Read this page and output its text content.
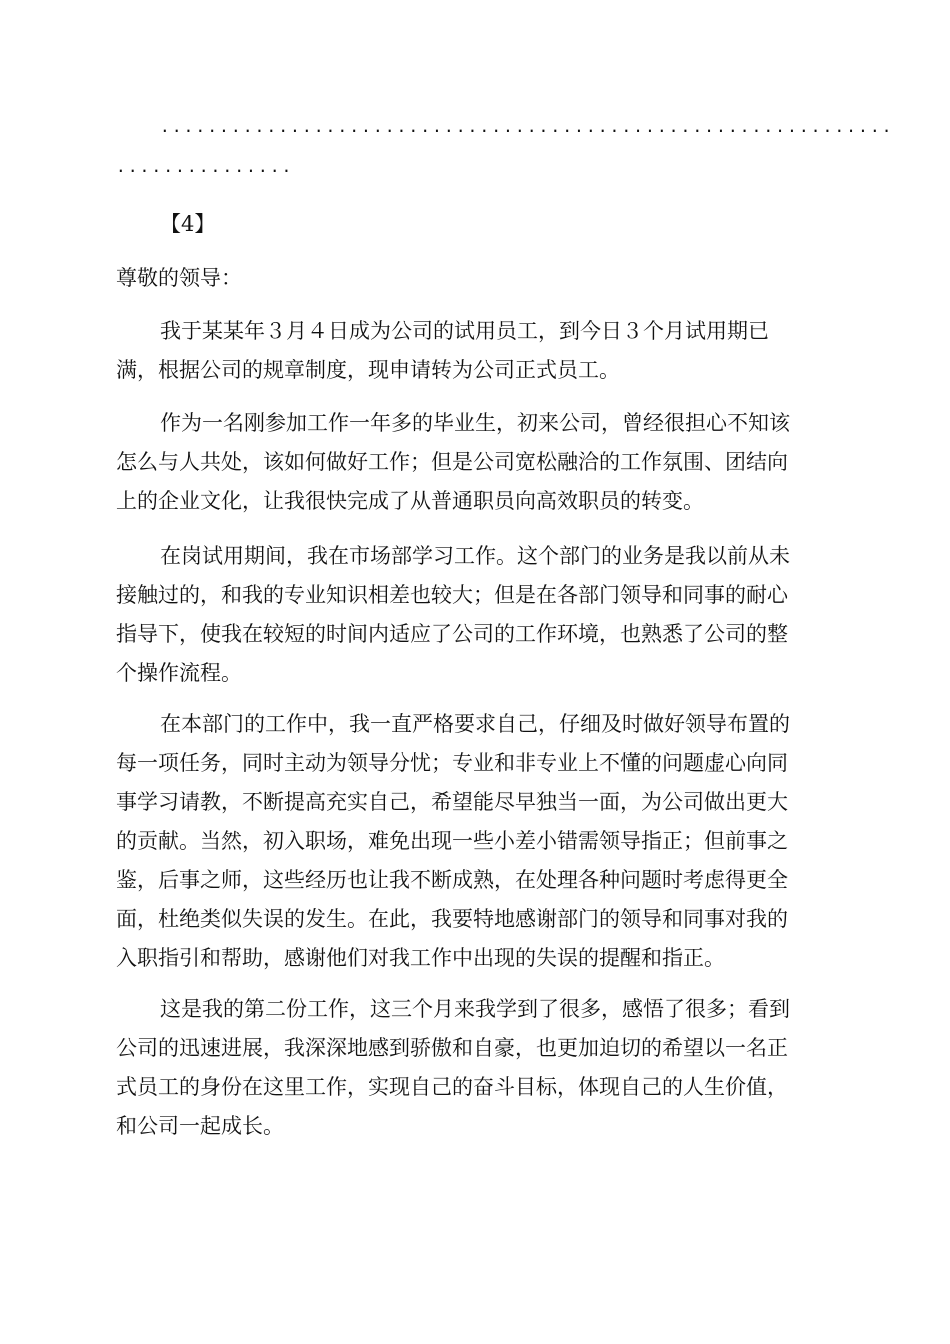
..............................................................
...............
【4】
尊敬的领导：
我于某某年３月４日成为公司的试用员工，到今日３个月试用期已
满，根据公司的规章制度，现申请转为公司正式员工。
作为一名刚参加工作一年多的毕业生，初来公司，曾经很担心不知该
怎么与人共处，该如何做好工作；但是公司宽松融洽的工作氛围、团结向
上的企业文化，让我很快完成了从普通职员向高效职员的转变。
在岗试用期间，我在市场部学习工作。这个部门的业务是我以前从未
接触过的，和我的专业知识相差也较大；但是在各部门领导和同事的耐心
指导下，使我在较短的时间内适应了公司的工作环境，也熟悉了公司的整
个操作流程。
在本部门的工作中，我一直严格要求自己，仔细及时做好领导布置的
每一项任务，同时主动为领导分忧；专业和非专业上不懂的问题虚心向同
事学习请教，不断提高充实自己，希望能尽早独当一面，为公司做出更大
的贡献。当然，初入职场，难免出现一些小差小错需领导指正；但前事之
鉴，后事之师，这些经历也让我不断成熟，在处理各种问题时考虑得更全
面，杜绝类似失误的发生。在此，我要特地感谢部门的领导和同事对我的
入职指引和帮助，感谢他们对我工作中出现的失误的提醒和指正。
这是我的第二份工作，这三个月来我学到了很多，感悟了很多；看到
公司的迅速进展，我深深地感到骄傲和自豪，也更加迫切的希望以一名正
式员工的身份在这里工作，实现自己的奋斗目标，体现自己的人生价值，
和公司一起成长。
